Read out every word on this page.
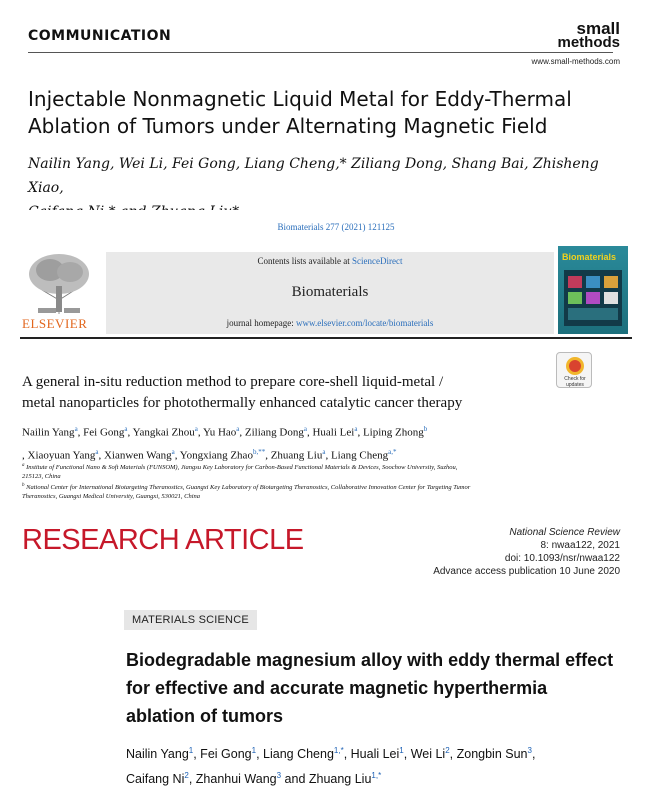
COMMUNICATION	small
methods
www.small-methods.com
Injectable Nonmagnetic Liquid Metal for Eddy-Thermal
Ablation of Tumors under Alternating Magnetic Field
Nailin Yang, Wei Li, Fei Gong, Liang Cheng,* Ziliang Dong, Shang Bai, Zhisheng Xiao,
Biomaterials 277 (2021) 121125
ELSEVIER
Contents lists available at ScienceDirect
Biomaterials
journal homepage: www.elsevier.com/locate/biomaterials
Biomaterials
Check for updates
A general in-situ reduction method to prepare core-shell liquid-metal /
metal nanoparticles for photothermally enhanced catalytic cancer therapy
Nailin Yang$^a$, Fei Gong$^a$, Yangkai Zhou$^a$, Yu Hao$^a$, Ziliang Dong$^a$, Huali Lei$^a$, Liping Zhong$^b$
, Xiaoyuan Yang$^a$, Xianwen Wang$^a$, Yongxiang Zhao$^{b,**}$, Zhuang Liu$^a$, Liang Cheng$^{a,*}$
$^a$ Institute of Functional Nano & Soft Materials (FUNSOM), Jiangsu Key Laboratory for Carbon-Based Functional Materials & Devices, Soochow University, Suzhou,
215123, China
$^b$ National Center for International Biotargeting Theranostics, Guangxi Key Laboratory of Biotargeting Theranostics, Collaborative Innovation Center for Targeting Tumor
Theranostics, Guangxi Medical University, Guangxi, 530021, China
RESEARCH ARTICLE	National Science Review
8: nwaa122, 2021
doi: 10.1093/nsr/nwaa122
Advance access publication 10 June 2020
MATERIALS SCIENCE
Biodegradable magnesium alloy with eddy thermal effect
for effective and accurate magnetic hyperthermia
ablation of tumors
Nailin Yang$^1$, Fei Gong$^1$, Liang Cheng$^{1,*}$, Huali Lei$^1$, Wei Li$^2$, Zongbin Sun$^3$,
Caifang Ni$^2$, Zhanhui Wang$^3$ and Zhuang Liu$^{1,*}$
